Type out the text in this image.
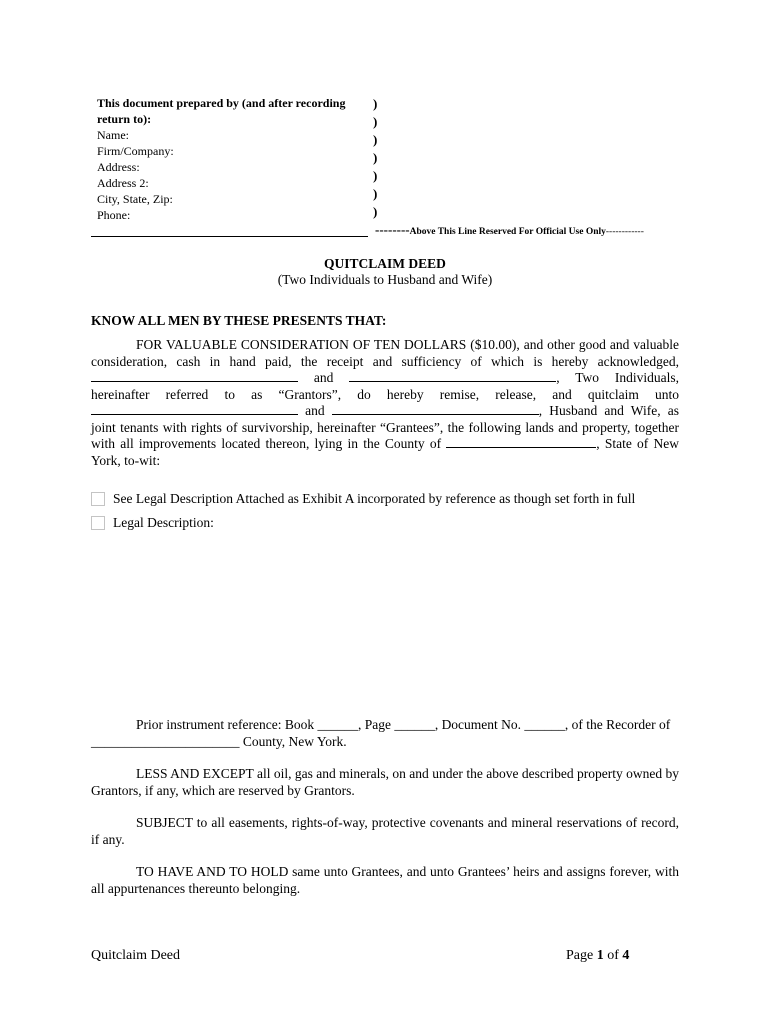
This document prepared by (and after recording
return to):
Name:
Firm/Company:
Address:
Address 2:
City, State, Zip:
Phone:
)
)
)
)
)
)
)
--------Above This Line Reserved For Official Use Only------------
QUITCLAIM DEED
(Two Individuals to Husband and Wife)
KNOW ALL MEN BY THESE PRESENTS THAT:
FOR VALUABLE CONSIDERATION OF TEN DOLLARS ($10.00), and other good and valuable consideration, cash in hand paid, the receipt and sufficiency of which is hereby acknowledged,  and	, Two Individuals, hereinafter referred to as “Grantors”, do hereby remise, release, and quitclaim unto  and	, Husband and Wife, as joint tenants with rights of survivorship, hereinafter “Grantees”, the following lands and property, together with all improvements located thereon, lying in the County of	, State of New York, to-wit:
See Legal Description Attached as Exhibit A incorporated by reference as though set forth in full
Legal Description:
Prior instrument reference: Book ______, Page ______, Document No. ______, of the Recorder of
______________________ County, New York.
LESS AND EXCEPT all oil, gas and minerals, on and under the above described property owned by Grantors, if any, which are reserved by Grantors.
SUBJECT to all easements, rights-of-way, protective covenants and mineral reservations of record, if any.
TO HAVE AND TO HOLD same unto Grantees, and unto Grantees’ heirs and assigns forever, with all appurtenances thereunto belonging.
Quitclaim Deed	Page 1 of 4
